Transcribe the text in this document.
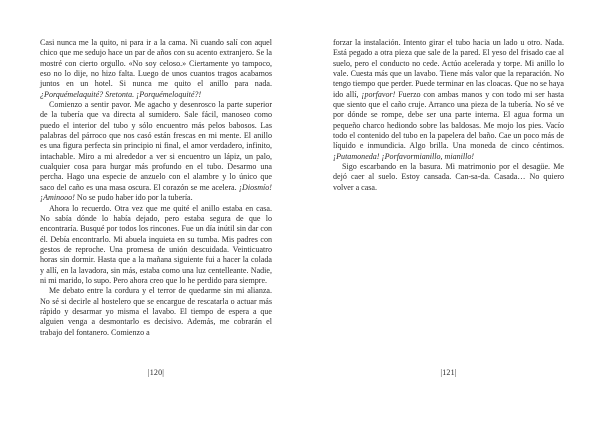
Casi nunca me la quito, ni para ir a la cama. Ni cuando salí con aquel chico que me sedujo hace un par de años con su acento extranjero. Se la mostré con cierto orgullo. «No soy celoso.» Ciertamente yo tampoco, eso no lo dije, no hizo falta. Luego de unos cuantos tragos acabamos juntos en un hotel. Si nunca me quito el anillo para nada. ¿Porquémelaquité? Sretonta. ¡Porquémeloquité?!

Comienzo a sentir pavor. Me agacho y desenrosco la parte superior de la tubería que va directa al sumidero. Sale fácil, manoseo como puedo el interior del tubo y sólo encuentro más pelos babosos. Las palabras del párroco que nos casó están frescas en mi mente. El anillo es una figura perfecta sin principio ni final, el amor verdadero, infinito, intachable. Miro a mi alrededor a ver si encuentro un lápiz, un palo, cualquier cosa para hurgar más profundo en el tubo. Desarmo una percha. Hago una especie de anzuelo con el alambre y lo único que saco del caño es una masa oscura. El corazón se me acelera. ¡Diosmío! ¡Aminooo! No se pudo haber ido por la tubería.

Ahora lo recuerdo. Otra vez que me quité el anillo estaba en casa. No sabía dónde lo había dejado, pero estaba segura de que lo encontraría. Busqué por todos los rincones. Fue un día inútil sin dar con él. Debía encontrarlo. Mi abuela inquieta en su tumba. Mis padres con gestos de reproche. Una promesa de unión descuidada. Veinticuatro horas sin dormir. Hasta que a la mañana siguiente fui a hacer la colada y allí, en la lavadora, sin más, estaba como una luz centelleante. Nadie, ni mi marido, lo supo. Pero ahora creo que lo he perdido para siempre.

Me debato entre la cordura y el terror de quedarme sin mi alianza. No sé si decirle al hostelero que se encargue de rescatarla o actuar más rápido y desarmar yo misma el lavabo. El tiempo de espera a que alguien venga a desmontarlo es decisivo. Además, me cobrarán el trabajo del fontanero. Comienzo a

| 120 |

forzar la instalación. Intento girar el tubo hacia un lado u otro. Nada. Está pegado a otra pieza que sale de la pared. El yeso del frisado cae al suelo, pero el conducto no cede. Actúo acelerada y torpe. Mi anillo lo vale. Cuesta más que un lavabo. Tiene más valor que la reparación. No tengo tiempo que perder. Puede terminar en las cloacas. Que no se haya ido allí, ¡porfavor! Fuerzo con ambas manos y con todo mi ser hasta que siento que el caño cruje. Arranco una pieza de la tubería. No sé ve por dónde se rompe, debe ser una parte interna. El agua forma un pequeño charco hediondo sobre las baldosas. Me mojo los pies. Vacío todo el contenido del tubo en la papelera del baño. Cae un poco más de líquido e inmundicia. Algo brilla. Una moneda de cinco céntimos. ¡Putamoneda! ¡Porfavormianillo, mianillo!

Sigo escarbando en la basura. Mi matrimonio por el desagüe. Me dejó caer al suelo. Estoy cansada. Can-sa-da. Casada… No quiero volver a casa.

| 121 |
